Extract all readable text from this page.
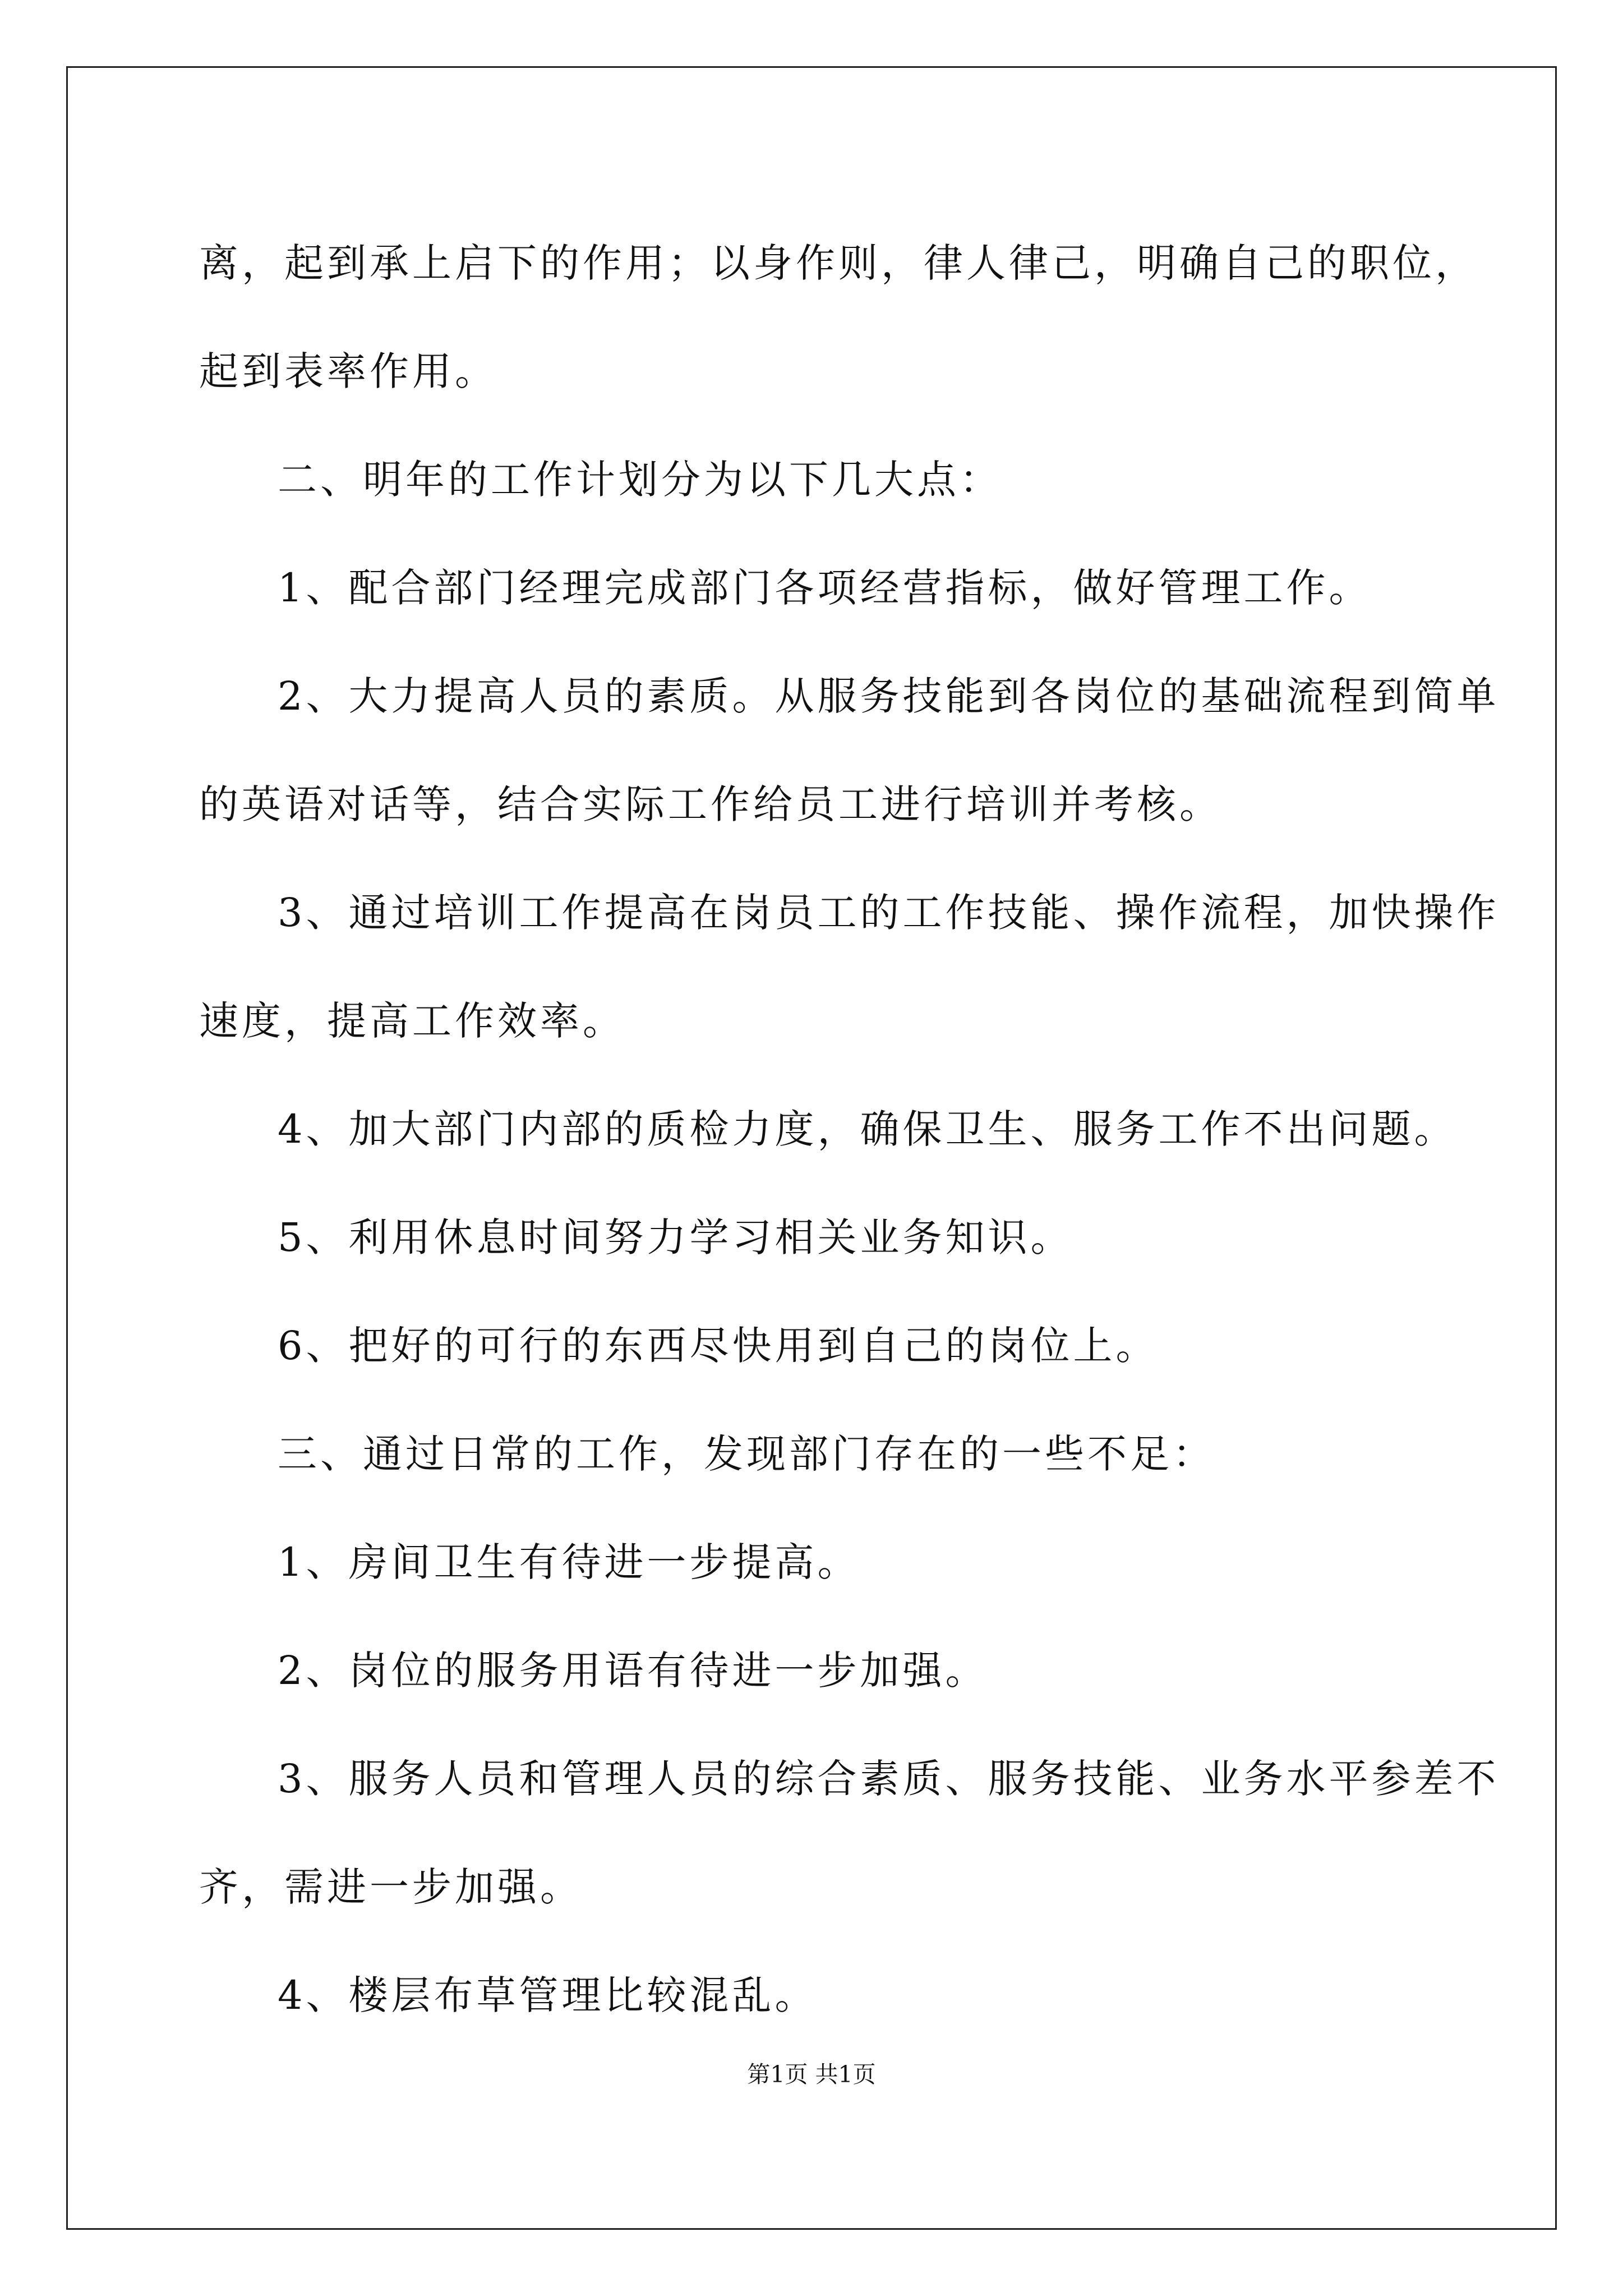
离，起到承上启下的作用；以身作则，律人律己，明确自己的职位，

起到表率作用。

二、明年的工作计划分为以下几大点：

1、配合部门经理完成部门各项经营指标，做好管理工作。

2、大力提高人员的素质。从服务技能到各岗位的基础流程到简单

的英语对话等，结合实际工作给员工进行培训并考核。

3、通过培训工作提高在岗员工的工作技能、操作流程，加快操作

速度，提高工作效率。

4、加大部门内部的质检力度，确保卫生、服务工作不出问题。

5、利用休息时间努力学习相关业务知识。

6、把好的可行的东西尽快用到自己的岗位上。

三、通过日常的工作，发现部门存在的一些不足：

1、房间卫生有待进一步提高。

2、岗位的服务用语有待进一步加强。

3、服务人员和管理人员的综合素质、服务技能、业务水平参差不

齐，需进一步加强。

4、楼层布草管理比较混乱。

第1页 共1页
